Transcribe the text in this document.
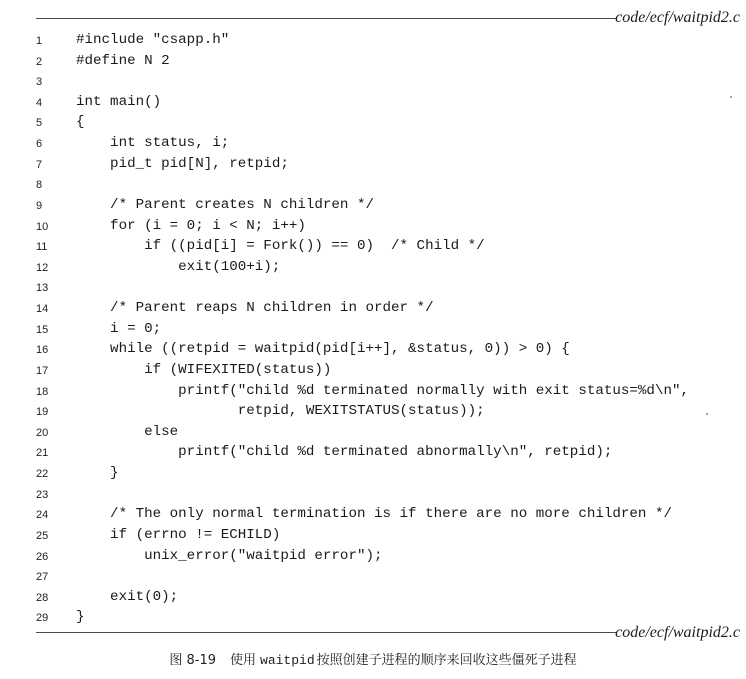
code/ecf/waitpid2.c
1	#include "csapp.h"
2	#define N 2
3
4	int main()
5	{
6	int status, i;
7	pid_t pid[N], retpid;
8
9	/* Parent creates N children */
10	for (i = 0; i < N; i++)
11	if ((pid[i] = Fork()) == 0)  /* Child */
12	exit(100+i);
13
14	/* Parent reaps N children in order */
15	i = 0;
16	while ((retpid = waitpid(pid[i++], &status, 0)) > 0) {
17	if (WIFEXITED(status))
18	printf("child %d terminated normally with exit status=%d\n",
19	retpid, WEXITSTATUS(status));
20	else
21	printf("child %d terminated abnormally\n", retpid);
22	}
23
24	/* The only normal termination is if there are no more children */
25	if (errno != ECHILD)
26	unix_error("waitpid error");
27
28	exit(0);
29	}
code/ecf/waitpid2.c
图 8-19 使用 waitpid 按照创建子进程的顺序来回收这些僵死子进程
